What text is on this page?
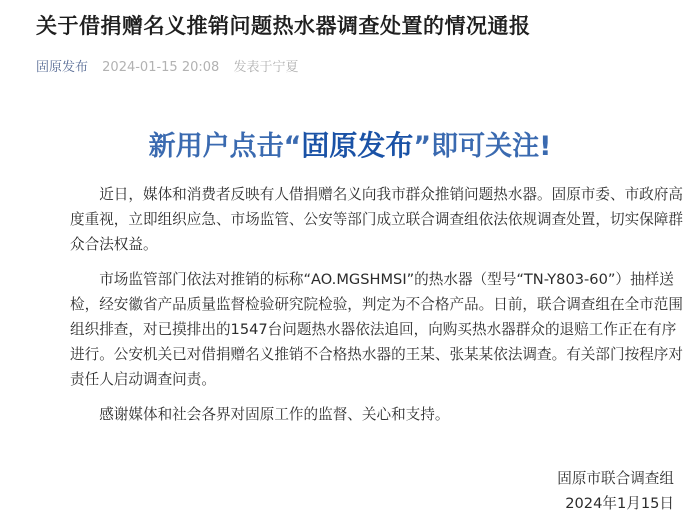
关于借捐赠名义推销问题热水器调查处置的情况通报
固原发布 2024-01-15 20:08 发表于宁夏
新用户点击“固原发布”即可关注!

近日，媒体和消费者反映有人借捐赠名义向我市群众推销问题热水器。固原市委、市政府高度重视，立即组织应急、市场监管、公安等部门成立联合调查组依法依规调查处置，切实保障群众合法权益。

市场监管部门依法对推销的标称“AO.MGSHMSI”的热水器（型号“TN-Y803-60”）抽样送检，经安徽省产品质量监督检验研究院检验，判定为不合格产品。日前，联合调查组在全市范围组织排查，对已摸排出的1547台问题热水器依法追回，向购买热水器群众的退赔工作正在有序进行。公安机关已对借捐赠名义推销不合格热水器的王某、张某某依法调查。有关部门按程序对责任人启动调查问责。

感谢媒体和社会各界对固原工作的监督、关心和支持。

固原市联合调查组
2024年1月15日
